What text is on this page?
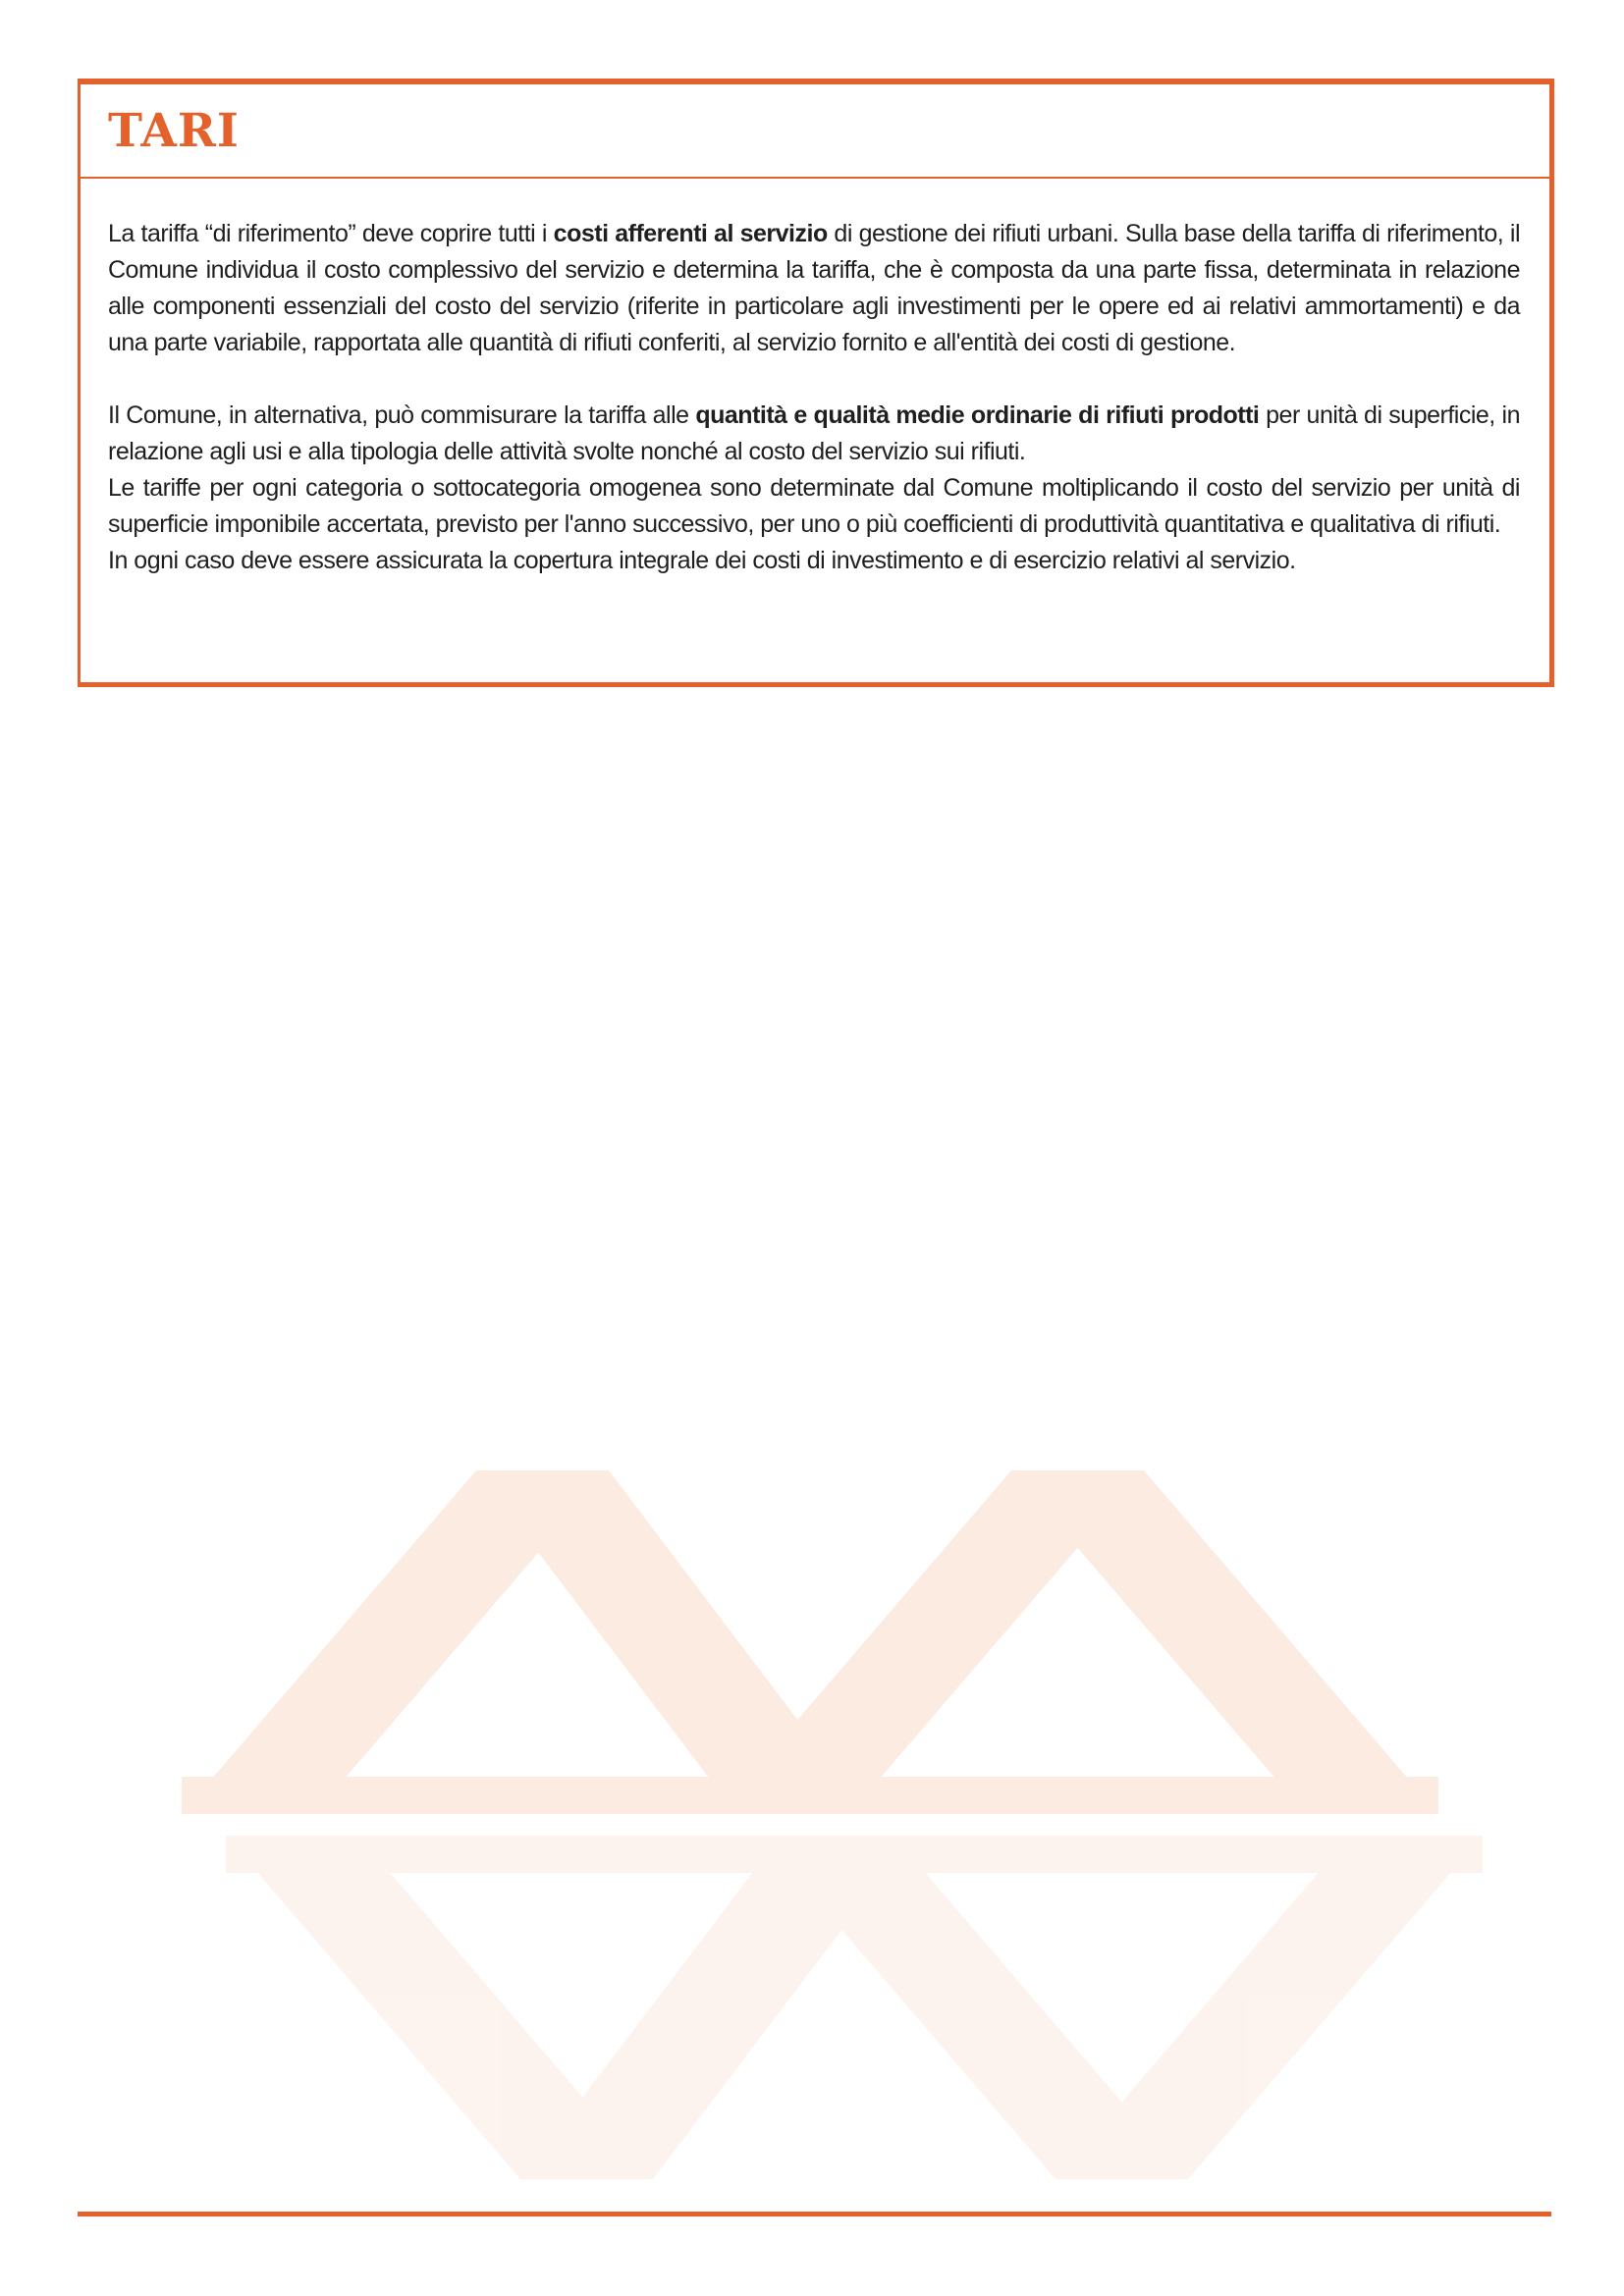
TARI

La tariffa “di riferimento” deve coprire tutti i costi afferenti al servizio di gestione dei rifiuti urbani. Sulla base della tariffa di riferimento, il Comune individua il costo complessivo del servizio e determina la tariffa, che è composta da una parte fissa, determinata in relazione alle componenti essenziali del costo del servizio (riferite in particolare agli investimenti per le opere ed ai relativi ammortamenti) e da una parte variabile, rapportata alle quantità di rifiuti conferiti, al servizio fornito e all'entità dei costi di gestione.

Il Comune, in alternativa, può commisurare la tariffa alle quantità e qualità medie ordinarie di rifiuti prodotti per unità di superficie, in relazione agli usi e alla tipologia delle attività svolte nonché al costo del servizio sui rifiuti.

Le tariffe per ogni categoria o sottocategoria omogenea sono determinate dal Comune moltiplicando il costo del servizio per unità di superficie imponibile accertata, previsto per l'anno successivo, per uno o più coefficienti di produttività quantitativa e qualitativa di rifiuti.

In ogni caso deve essere assicurata la copertura integrale dei costi di investimento e di esercizio relativi al servizio.
